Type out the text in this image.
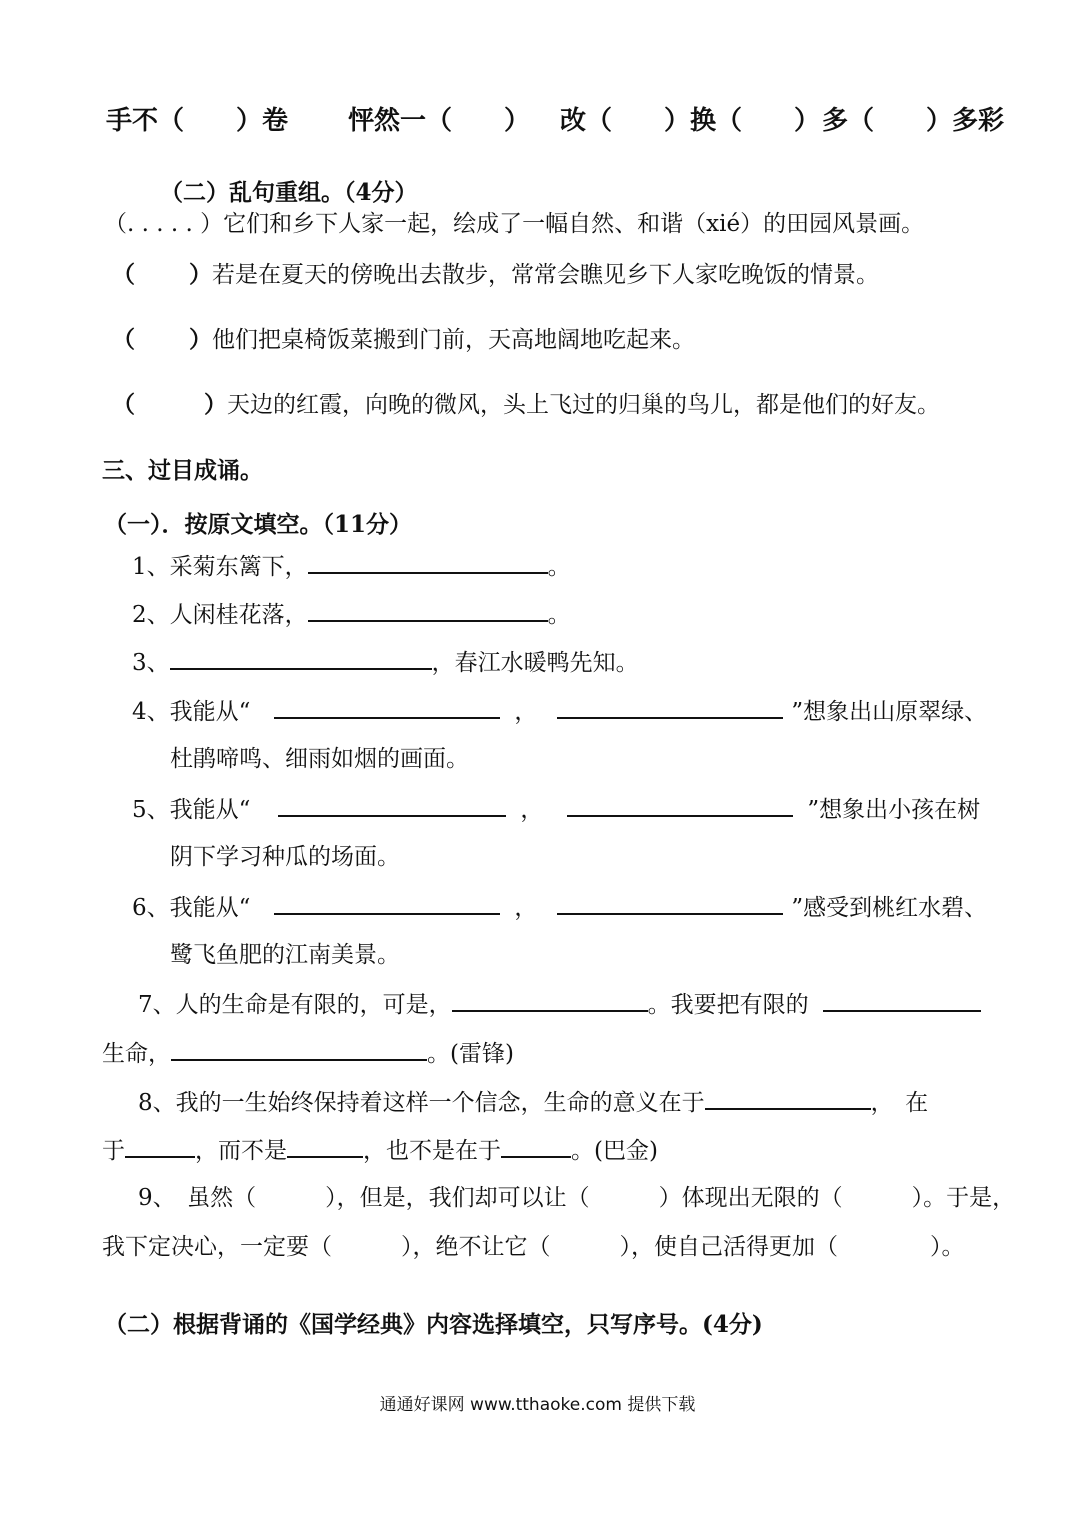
手不（　　）卷 怦然一（　　） 改（　　）换（　　） 多（　　）多彩
（二）乱句重组。（4分）
（. . . . . ）它们和乡下人家一起，绘成了一幅自然、和谐（xié）的田园风景画。
（　　 ）若是在夏天的傍晚出去散步，常常会瞧见乡下人家吃晚饭的情景。
（　　 ）他们把桌椅饭菜搬到门前，天高地阔地吃起来。
（　　　）天边的红霞，向晚的微风，头上飞过的归巢的鸟儿，都是他们的好友。
三、过目成诵。
（一）．按原文填空。（11分）
1、采菊东篱下，	。
2、人闲桂花落，	。
3、	，春江水暖鸭先知。
4、我能从“	，	”想象出山原翠绿、
杜鹃啼鸣、细雨如烟的画面。
5、我能从“	，	”想象出小孩在树
阴下学习种瓜的场面。
6、我能从“	，	”感受到桃红水碧、
鹭飞鱼肥的江南美景。
7、人的生命是有限的，可是，	。我要把有限的
生命，	。(雷锋)
8、我的一生始终保持着这样一个信念，生命的意义在于	，　在
于	，而不是	，也不是在于	。(巴金)
9、　虽然（　　　），但是，我们却可以让（　　　）体现出无限的（　　　）。于是，
我下定决心，一定要（　　　），绝不让它（　　　），使自己活得更加（　　　　）。
（二）根据背诵的《国学经典》内容选择填空，只写序号。(4分)
通通好课网 www.tthaoke.com 提供下载
